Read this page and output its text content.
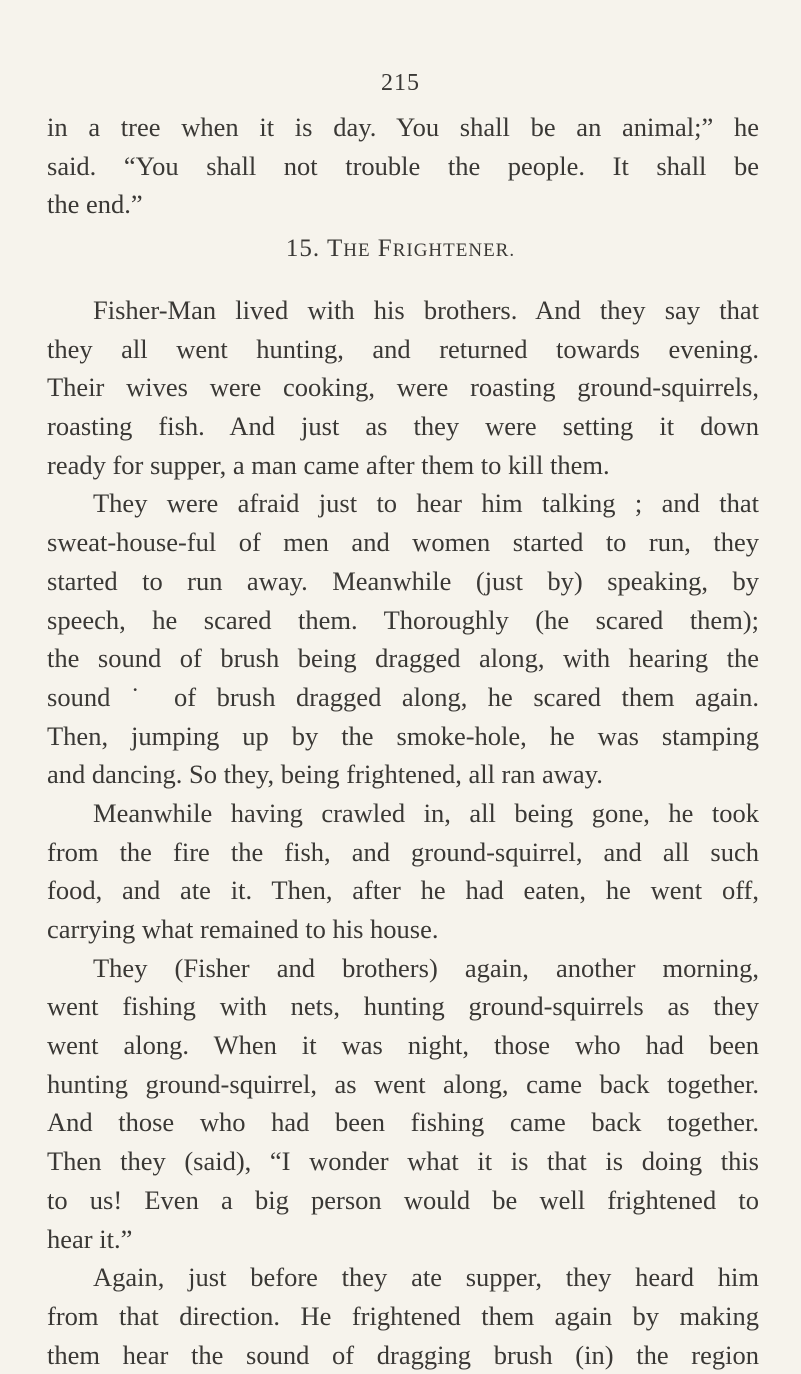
215
in a tree when it is day. You shall be an animal;” he
said. “You shall not trouble the people. It shall be
the end.”
15. THE FRIGHTENER.
Fisher-Man lived with his brothers. And they say that
they all went hunting, and returned towards evening.
Their wives were cooking, were roasting ground-squirrels,
roasting fish. And just as they were setting it down
ready for supper, a man came after them to kill them.
They were afraid just to hear him talking ; and that
sweat-house-ful of men and women started to run, they
started to run away. Meanwhile (just by) speaking, by
speech, he scared them. Thoroughly (he scared them);
the sound of brush being dragged along, with hearing the
sound ˙ of brush dragged along, he scared them again.
Then, jumping up by the smoke-hole, he was stamping
and dancing. So they, being frightened, all ran away.
Meanwhile having crawled in, all being gone, he took
from the fire the fish, and ground-squirrel, and all such
food, and ate it. Then, after he had eaten, he went off,
carrying what remained to his house.
They (Fisher and brothers) again, another morning,
went fishing with nets, hunting ground-squirrels as they
went along. When it was night, those who had been
hunting ground-squirrel, as went along, came back together.
And those who had been fishing came back together.
Then they (said), “I wonder what it is that is doing this
to us! Even a big person would be well frightened to
hear it.”
Again, just before they ate supper, they heard him
from that direction. He frightened them again by making
them hear the sound of dragging brush (in) the region
